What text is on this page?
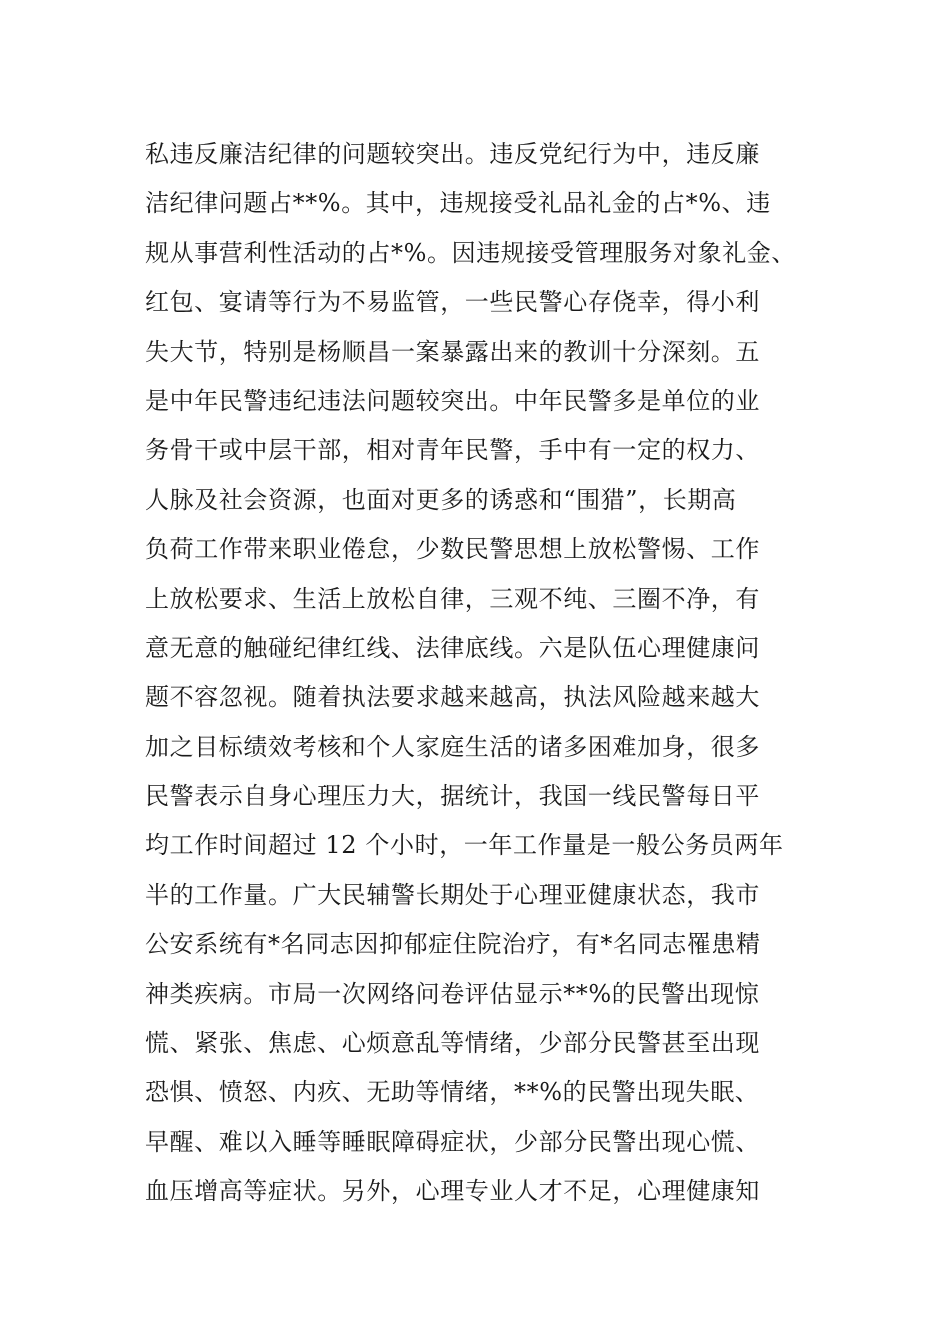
私违反廉洁纪律的问题较突出。违反党纪行为中，违反廉
洁纪律问题占**%。其中，违规接受礼品礼金的占*%、违
规从事营利性活动的占*%。因违规接受管理服务对象礼金、
红包、宴请等行为不易监管，一些民警心存侥幸，得小利
失大节，特别是杨顺昌一案暴露出来的教训十分深刻。五
是中年民警违纪违法问题较突出。中年民警多是单位的业
务骨干或中层干部，相对青年民警，手中有一定的权力、
人脉及社会资源，也面对更多的诱惑和“围猎”，长期高
负荷工作带来职业倦怠，少数民警思想上放松警惕、工作
上放松要求、生活上放松自律，三观不纯、三圈不净，有
意无意的触碰纪律红线、法律底线。六是队伍心理健康问
题不容忽视。随着执法要求越来越高，执法风险越来越大
加之目标绩效考核和个人家庭生活的诸多困难加身，很多
民警表示自身心理压力大，据统计，我国一线民警每日平
均工作时间超过 12 个小时，一年工作量是一般公务员两年
半的工作量。广大民辅警长期处于心理亚健康状态，我市
公安系统有*名同志因抑郁症住院治疗，有*名同志罹患精
神类疾病。市局一次网络问卷评估显示**%的民警出现惊
慌、紧张、焦虑、心烦意乱等情绪，少部分民警甚至出现
恐惧、愤怒、内疚、无助等情绪，**%的民警出现失眠、
早醒、难以入睡等睡眠障碍症状，少部分民警出现心慌、
血压增高等症状。另外，心理专业人才不足，心理健康知
